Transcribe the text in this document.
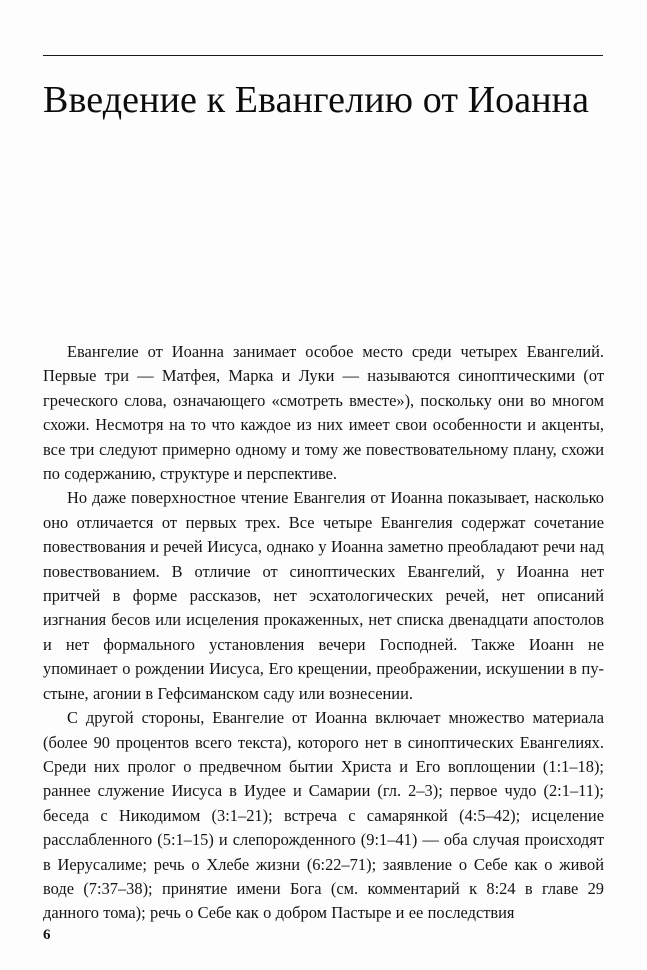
Введение к Евангелию от Иоанна

Евангелие от Иоанна занимает особое место среди четырех Евангелий. Первые три — Матфея, Марка и Луки — называются синоптическими (от греческого слова, означающего «смотреть вместе»), поскольку они во многом схожи. Несмотря на то что каждое из них имеет свои особенности и акценты, все три следуют примерно одному и тому же повествовательному плану, схожи по содержанию, структуре и перспективе.

Но даже поверхностное чтение Евангелия от Иоанна показывает, насколько оно отличается от первых трех. Все четыре Евангелия содержат сочетание повествования и речей Иисуса, однако у Иоанна заметно преобладают речи над повествованием. В отличие от синоптических Евангелий, у Иоанна нет притчей в форме рассказов, нет эсхатологических речей, нет описаний изгнания бесов или исцеления прокаженных, нет списка двенадцати апостолов и нет формального установления вечери Господней. Также Иоанн не упоминает о рождении Иисуса, Его крещении, преображении, искушении в пустыне, агонии в Гефсиманском саду или вознесении.

С другой стороны, Евангелие от Иоанна включает множество материала (более 90 процентов всего текста), которого нет в синоптических Евангелиях. Среди них пролог о предвечном бытии Христа и Его воплощении (1:1–18); раннее служение Иисуса в Иудее и Самарии (гл. 2–3); первое чудо (2:1–11); беседа с Никодимом (3:1–21); встреча с самарянкой (4:5–42); исцеление расслабленного (5:1–15) и слепорожденного (9:1–41) — оба случая происходят в Иерусалиме; речь о Хлебе жизни (6:22–71); заявление о Себе как о живой воде (7:37–38); принятие имени Бога (см. комментарий к 8:24 в главе 29 данного тома); речь о Себе как о добром Пастыре и ее последствия

6
